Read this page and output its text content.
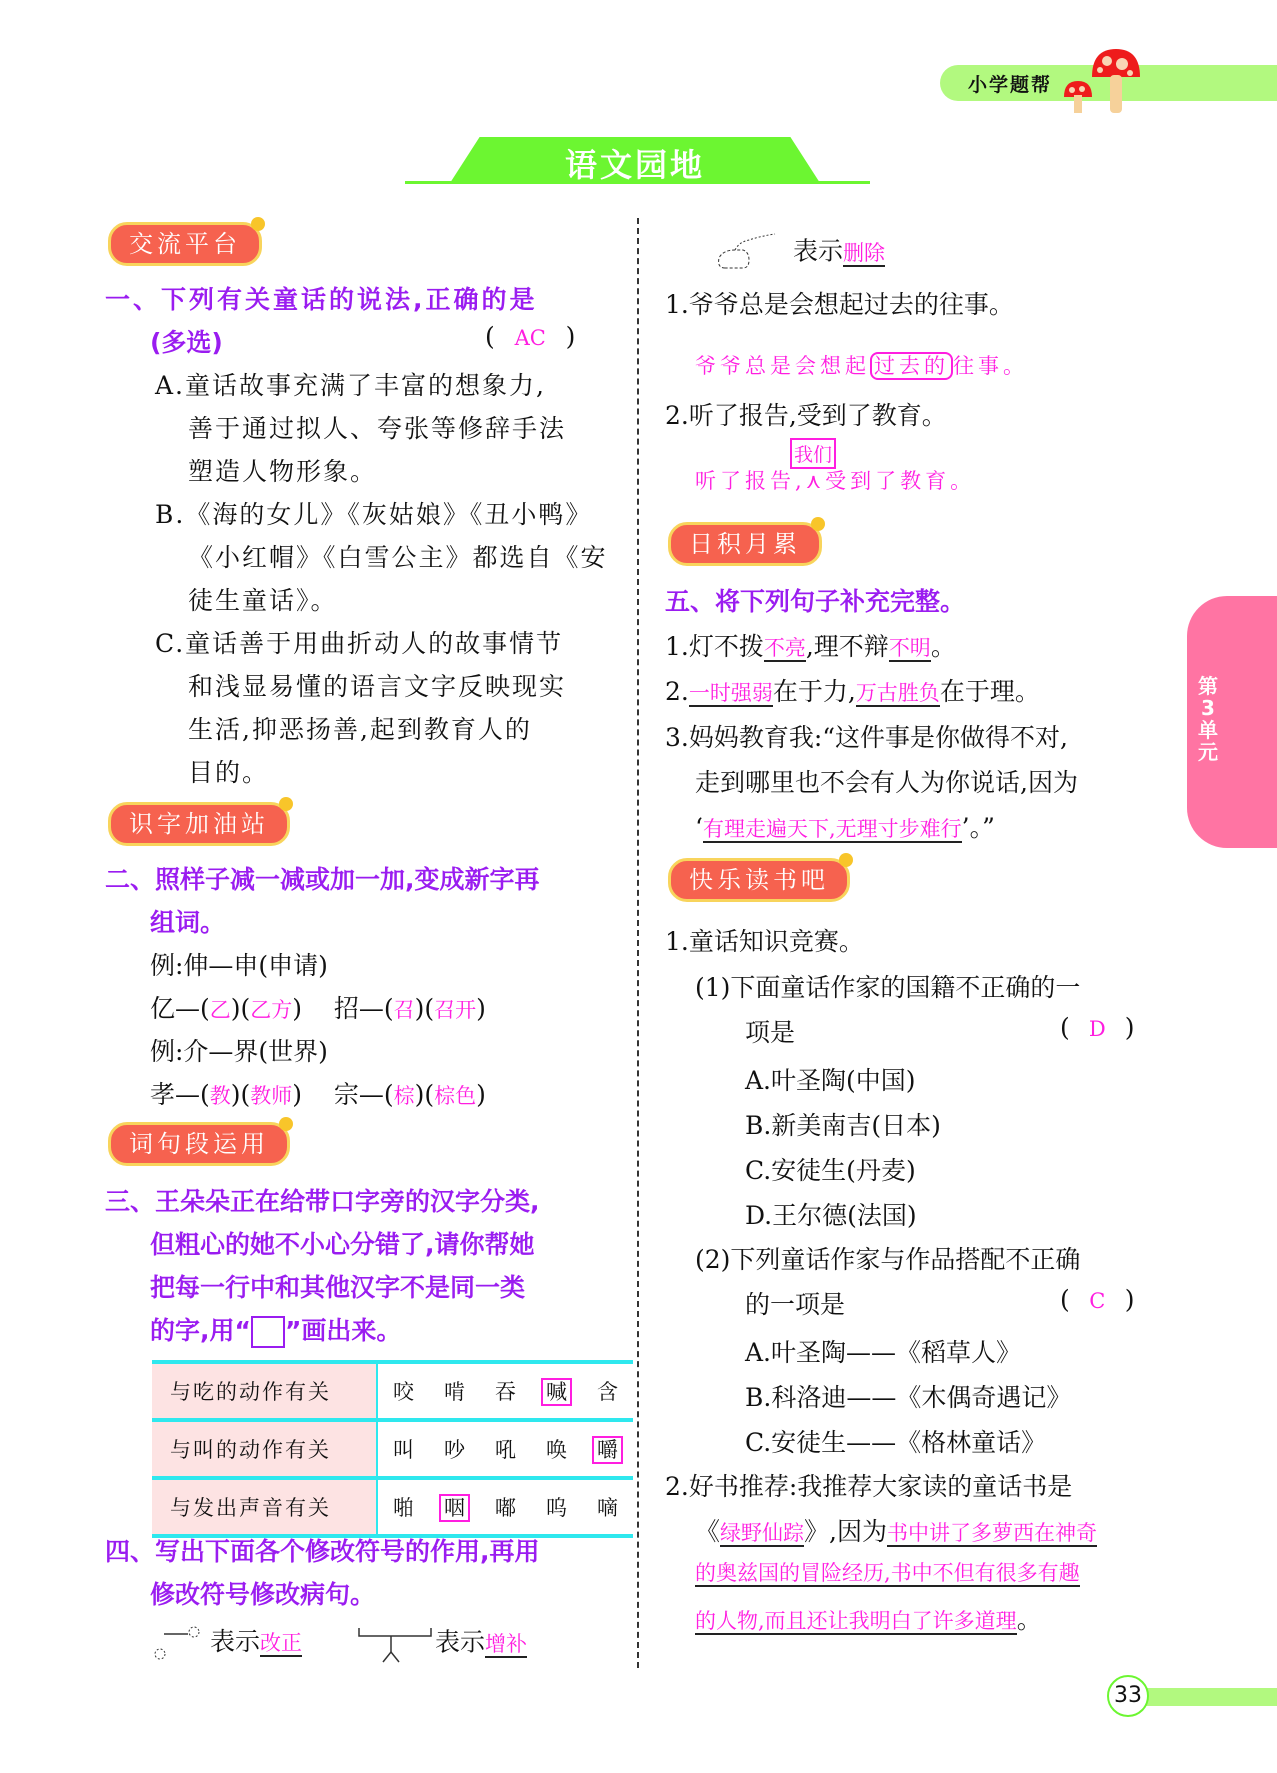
小学题帮
语文园地
交流平台
一、下列有关童话的说法,正确的是
(多选)	( AC )
A.童话故事充满了丰富的想象力,
善于通过拟人、夸张等修辞手法
塑造人物形象。
B.《海的女儿》《灰姑娘》《丑小鸭》
《小红帽》《白雪公主》都选自《安
徒生童话》。
C.童话善于用曲折动人的故事情节
和浅显易懂的语言文字反映现实
生活,抑恶扬善,起到教育人的
目的。
识字加油站
二、照样子减一减或加一加,变成新字再
组词。
例:伸—申(申请)
亿—(乙)(乙方) 招—(召)(召开)
例:介—界(世界)
孝—(教)(教师) 宗—(棕)(棕色)
词句段运用
三、王朵朵正在给带口字旁的汉字分类,
但粗心的她不小心分错了,请你帮她
把每一行中和其他汉字不是同一类
的字,用“ ”画出来。
与吃的动作有关	咬	啃	吞	喊	含
与叫的动作有关	叫	吵	吼	唤	嚼
与发出声音有关	啪	咽	嘟	呜	嘀
四、写出下面各个修改符号的作用,再用
修改符号修改病句。
表示改正	表示增补
表示删除
1.爷爷总是会想起过去的往事。
爷爷总是会想起 过去的 往事。
2.听了报告,受到了教育。
我们
听了报告,⋏受到了教育。
日积月累
五、将下列句子补充完整。
1.灯不拨不亮,理不辩不明。
2.一时强弱在于力,万古胜负在于理。
3.妈妈教育我:“这件事是你做得不对,
走到哪里也不会有人为你说话,因为
‘有理走遍天下,无理寸步难行’。”
快乐读书吧
1.童话知识竞赛。
(1)下面童话作家的国籍不正确的一
项是	( D )
A.叶圣陶(中国)
B.新美南吉(日本)
C.安徒生(丹麦)
D.王尔德(法国)
(2)下列童话作家与作品搭配不正确
的一项是	( C )
A.叶圣陶——《稻草人》
B.科洛迪——《木偶奇遇记》
C.安徒生——《格林童话》
2.好书推荐:我推荐大家读的童话书是
《绿野仙踪》,因为书中讲了多萝西在神奇
的奥兹国的冒险经历,书中不但有很多有趣
的人物,而且还让我明白了许多道理。
第
3
单
元
33
